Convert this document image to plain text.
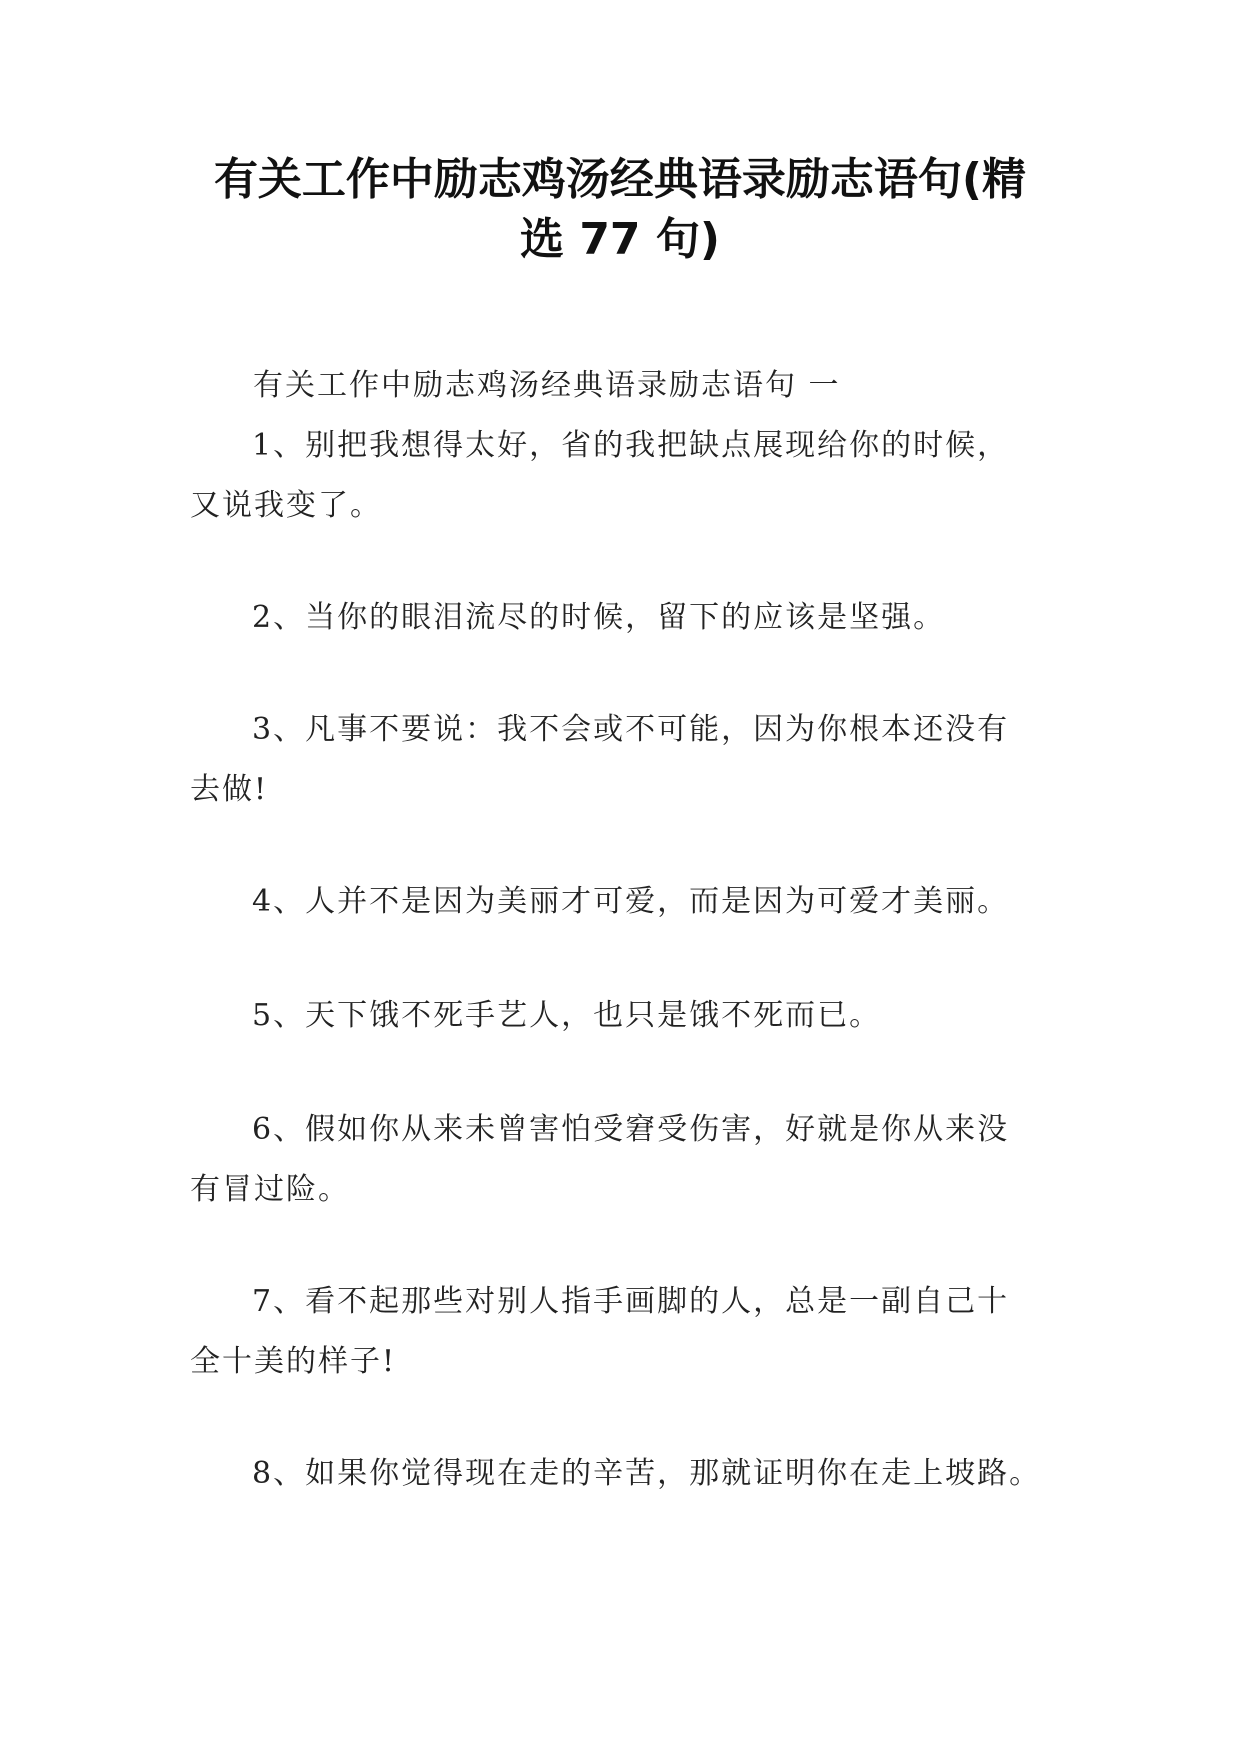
有关工作中励志鸡汤经典语录励志语句(精
选 77 句)

有关工作中励志鸡汤经典语录励志语句 一

1、别把我想得太好，省的我把缺点展现给你的时候，
又说我变了。

2、当你的眼泪流尽的时候，留下的应该是坚强。

3、凡事不要说：我不会或不可能，因为你根本还没有
去做!

4、人并不是因为美丽才可爱，而是因为可爱才美丽。

5、天下饿不死手艺人，也只是饿不死而已。

6、假如你从来未曾害怕受窘受伤害，好就是你从来没
有冒过险。

7、看不起那些对别人指手画脚的人，总是一副自己十
全十美的样子!

8、如果你觉得现在走的辛苦，那就证明你在走上坡路。
